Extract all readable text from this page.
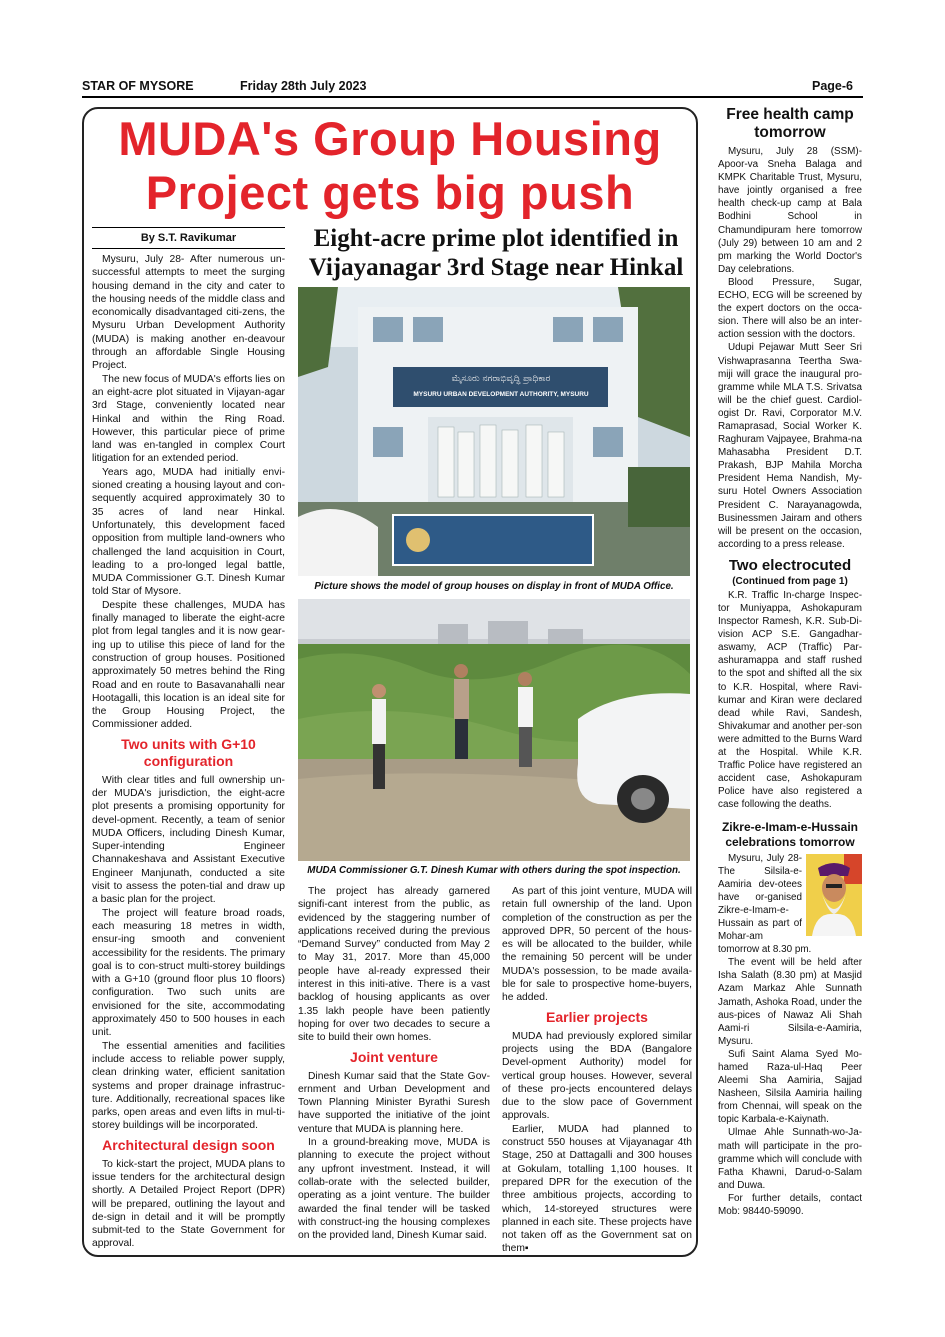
STAR OF MYSORE	Friday 28th July 2023	Page-6
MUDA's Group Housing
Project gets big push
By S.T. Ravikumar	Eight-acre prime plot identified in
Vijayanagar 3rd Stage near Hinkal

Mysuru, July 28- After numerous un-successful attempts to meet the surging housing demand in the city and cater to the housing needs of the middle class and economically disadvantaged citi-zens, the Mysuru Urban Development Authority (MUDA) is making another en-deavour through an affordable Single Housing Project.

The new focus of MUDA's efforts lies on an eight-acre plot situated in Vijayan-agar 3rd Stage, conveniently located near Hinkal and within the Ring Road. However, this particular piece of prime land was en-tangled in complex Court litigation for an extended period.

Years ago, MUDA had initially envi-sioned creating a housing layout and con-sequently acquired approximately 30 to 35 acres of land near Hinkal. Unfortunately, this development faced opposition from multiple land-owners who challenged the land acquisition in Court, leading to a pro-longed legal battle, MUDA Commissioner G.T. Dinesh Kumar told Star of Mysore.

Despite these challenges, MUDA has finally managed to liberate the eight-acre plot from legal tangles and it is now gear-ing up to utilise this piece of land for the construction of group houses. Positioned approximately 50 metres behind the Ring Road and en route to Basavanahalli near Hootagalli, this location is an ideal site for the Group Housing Project, the Commissioner added.

Two units with G+10 configuration

With clear titles and full ownership un-der MUDA's jurisdiction, the eight-acre plot presents a promising opportunity for devel-opment. Recently, a team of senior MUDA Officers, including Dinesh Kumar, Super-intending Engineer Channakeshava and Assistant Executive Engineer Manjunath, conducted a site visit to assess the poten-tial and draw up a basic plan for the project.

The project will feature broad roads, each measuring 18 metres in width, ensur-ing smooth and convenient accessibility for the residents. The primary goal is to con-struct multi-storey buildings with a G+10 (ground floor plus 10 floors) configuration. Two such units are envisioned for the site, accommodating approximately 450 to 500 houses in each unit.

The essential amenities and facilities include access to reliable power supply, clean drinking water, efficient sanitation systems and proper drainage infrastruc-ture. Additionally, recreational spaces like parks, open areas and even lifts in mul-ti-storey buildings will be incorporated.

Architectural design soon

To kick-start the project, MUDA plans to issue tenders for the architectural design shortly. A Detailed Project Report (DPR) will be prepared, outlining the layout and de-sign in detail and it will be promptly submit-ted to the State Government for approval.

ಮೈಸೂರು ನಗರಾಭಿವೃದ್ಧಿ ಪ್ರಾಧಿಕಾರ
MYSURU URBAN DEVELOPMENT AUTHORITY, MYSURU
Picture shows the model of group houses on display in front of MUDA Office.
MUDA Commissioner G.T. Dinesh Kumar with others during the spot inspection.

The project has already garnered signifi-cant interest from the public, as evidenced by the staggering number of applications received during the previous “Demand Survey” conducted from May 2 to May 31, 2017. More than 45,000 people have al-ready expressed their interest in this initi-ative. There is a vast backlog of housing applicants as over 1.35 lakh people have been patiently hoping for over two decades to secure a site to build their own homes.

Joint venture

Dinesh Kumar said that the State Gov-ernment and Urban Development and Town Planning Minister Byrathi Suresh have supported the initiative of the joint venture that MUDA is planning here.

In a ground-breaking move, MUDA is planning to execute the project without any upfront investment. Instead, it will collab-orate with the selected builder, operating as a joint venture. The builder awarded the final tender will be tasked with construct-ing the housing complexes on the provided land, Dinesh Kumar said.

As part of this joint venture, MUDA will retain full ownership of the land. Upon completion of the construction as per the approved DPR, 50 percent of the hous-es will be allocated to the builder, while the remaining 50 percent will be under MUDA's possession, to be made availa-ble for sale to prospective home-buyers, he added.

Earlier projects

MUDA had previously explored similar projects using the BDA (Bangalore Devel-opment Authority) model for vertical group houses. However, several of these pro-jects encountered delays due to the slow pace of Government approvals.

Earlier, MUDA had planned to construct 550 houses at Vijayanagar 4th Stage, 250 at Dattagalli and 300 houses at Gokulam, totalling 1,100 houses. It prepared DPR for the execution of the three ambitious projects, according to which, 14-storeyed structures were planned in each site. These projects have not taken off as the Government sat on them▪

Free health camp tomorrow

Mysuru, July 28 (SSM)- Apoor-va Sneha Balaga and KMPK Charitable Trust, Mysuru, have jointly organised a free health check-up camp at Bala Bodhini School in Chamundipuram here tomorrow (July 29) between 10 am and 2 pm marking the World Doctor's Day celebrations.

Blood Pressure, Sugar, ECHO, ECG will be screened by the expert doctors on the occa-sion. There will also be an inter-action session with the doctors.

Udupi Pejawar Mutt Seer Sri Vishwaprasanna Teertha Swa-miji will grace the inaugural pro-gramme while MLA T.S. Srivatsa will be the chief guest. Cardiol-ogist Dr. Ravi, Corporator M.V. Ramaprasad, Social Worker K. Raghuram Vajpayee, Brahma-na Mahasabha President D.T. Prakash, BJP Mahila Morcha President Hema Nandish, My-suru Hotel Owners Association President C. Narayanagowda, Businessmen Jairam and others will be present on the occasion, according to a press release.

Two electrocuted
(Continued from page 1)

K.R. Traffic In-charge Inspec-tor Muniyappa, Ashokapuram Inspector Ramesh, K.R. Sub-Di-vision ACP S.E. Gangadhar-aswamy, ACP (Traffic) Par-ashuramappa and staff rushed to the spot and shifted all the six to K.R. Hospital, where Ravi-kumar and Kiran were declared dead while Ravi, Sandesh, Shivakumar and another per-son were admitted to the Burns Ward at the Hospital. While K.R. Traffic Police have registered an accident case, Ashokapuram Police have also registered a case following the deaths.

Zikre-e-Imam-e-Hussain celebrations tomorrow

Mysuru, July 28- The Silsila-e-Aamiria dev-otees have or-ganised Zikre-e-Imam-e-Hussain as part of Mohar-am tomorrow at 8.30 pm.

The event will be held after Isha Salath (8.30 pm) at Masjid Azam Markaz Ahle Sunnath Jamath, Ashoka Road, under the aus-pices of Nawaz Ali Shah Aami-ri Silsila-e-Aamiria, Mysuru.

Sufi Saint Alama Syed Mo-hamed Raza-ul-Haq Peer Aleemi Sha Aamiria, Sajjad Nasheen, Silsila Aamiria hailing from Chennai, will speak on the topic Karbala-e-Kaiynath.

Ulmae Ahle Sunnath-wo-Ja-math will participate in the pro-gramme which will conclude with Fatha Khawni, Darud-o-Salam and Duwa.

For further details, contact Mob: 98440-59090.
